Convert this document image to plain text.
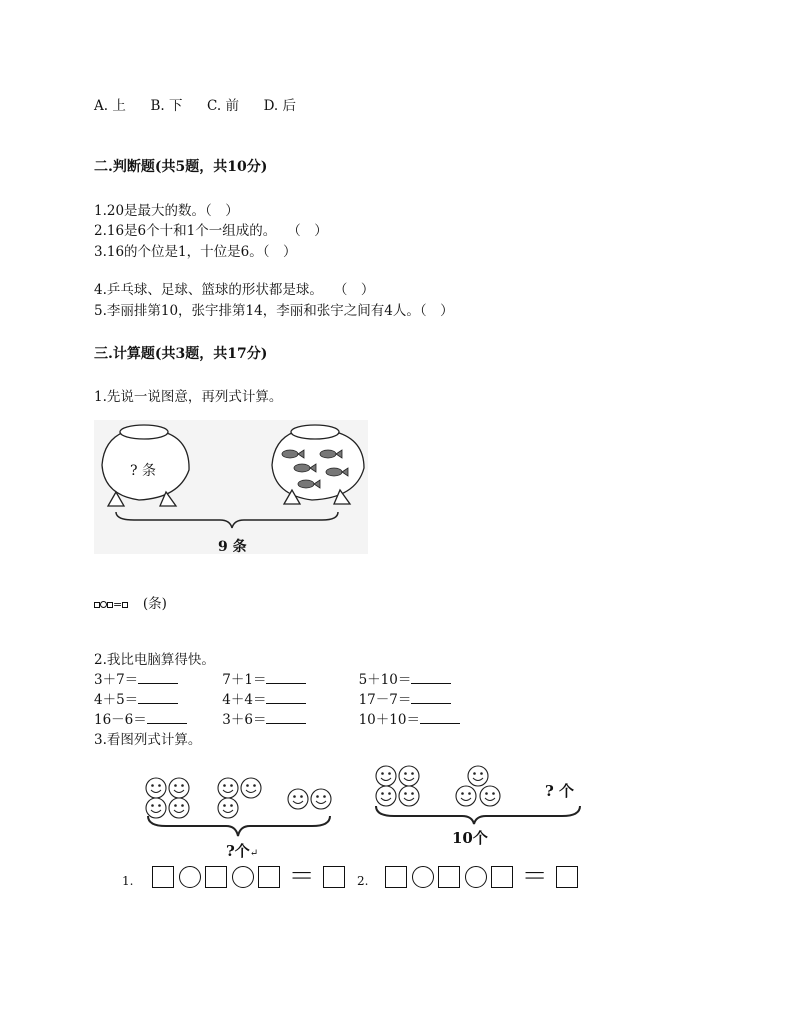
A. 上 B. 下 C. 前 D. 后
二.判断题(共5题，共10分)
1.20是最大的数。（　）
2.16是6个十和1个一组成的。　 （　）
3.16的个位是1，十位是6。（　）
4.乒乓球、足球、篮球的形状都是球。　 （　）
5.李丽排第10，张宇排第14，李丽和张宇之间有4人。（　）
三.计算题(共3题，共17分)
1.先说一说图意，再列式计算。
? 条
9 条
= (条)
2.我比电脑算得快。
3＋7＝	7＋1＝	5＋10＝
4＋5＝	4＋4＝	17－7＝
16－6＝	3＋6＝	10＋10＝
3.看图列式计算。
? 个
10个
?个↵
1.	＝	2.	＝
